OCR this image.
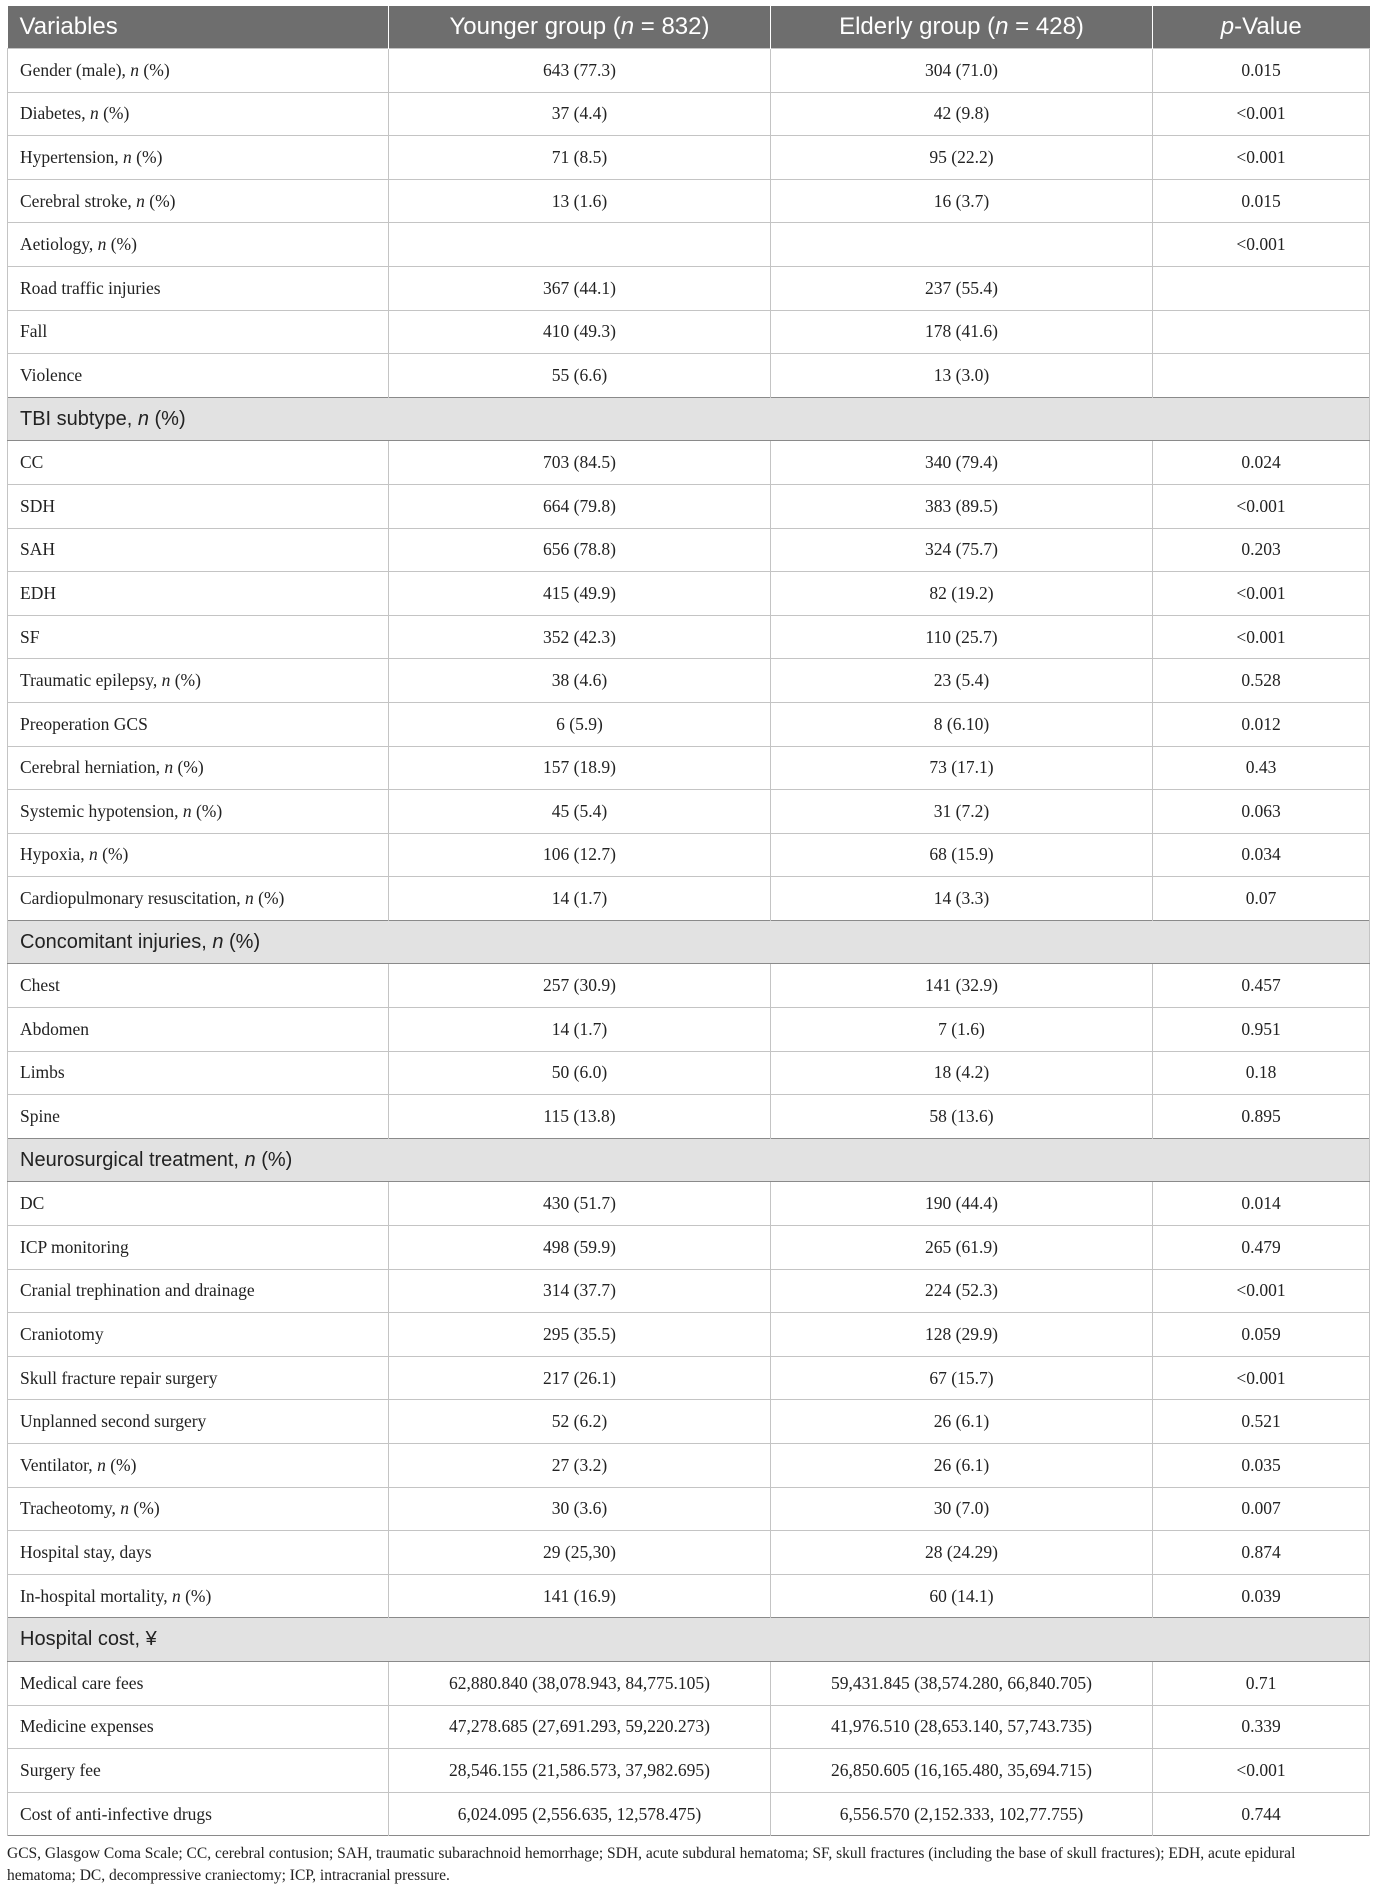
Variables	Younger group (n = 832)	Elderly group (n = 428)	p-Value
Gender (male), n (%)	643 (77.3)	304 (71.0)	0.015
Diabetes, n (%)	37 (4.4)	42 (9.8)	<0.001
Hypertension, n (%)	71 (8.5)	95 (22.2)	<0.001
Cerebral stroke, n (%)	13 (1.6)	16 (3.7)	0.015
Aetiology, n (%)			<0.001
Road traffic injuries	367 (44.1)	237 (55.4)	
Fall	410 (49.3)	178 (41.6)	
Violence	55 (6.6)	13 (3.0)	
TBI subtype, n (%)			
CC	703 (84.5)	340 (79.4)	0.024
SDH	664 (79.8)	383 (89.5)	<0.001
SAH	656 (78.8)	324 (75.7)	0.203
EDH	415 (49.9)	82 (19.2)	<0.001
SF	352 (42.3)	110 (25.7)	<0.001
Traumatic epilepsy, n (%)	38 (4.6)	23 (5.4)	0.528
Preoperation GCS	6 (5.9)	8 (6.10)	0.012
Cerebral herniation, n (%)	157 (18.9)	73 (17.1)	0.43
Systemic hypotension, n (%)	45 (5.4)	31 (7.2)	0.063
Hypoxia, n (%)	106 (12.7)	68 (15.9)	0.034
Cardiopulmonary resuscitation, n (%)	14 (1.7)	14 (3.3)	0.07
Concomitant injuries, n (%)			
Chest	257 (30.9)	141 (32.9)	0.457
Abdomen	14 (1.7)	7 (1.6)	0.951
Limbs	50 (6.0)	18 (4.2)	0.18
Spine	115 (13.8)	58 (13.6)	0.895
Neurosurgical treatment, n (%)			
DC	430 (51.7)	190 (44.4)	0.014
ICP monitoring	498 (59.9)	265 (61.9)	0.479
Cranial trephination and drainage	314 (37.7)	224 (52.3)	<0.001
Craniotomy	295 (35.5)	128 (29.9)	0.059
Skull fracture repair surgery	217 (26.1)	67 (15.7)	<0.001
Unplanned second surgery	52 (6.2)	26 (6.1)	0.521
Ventilator, n (%)	27 (3.2)	26 (6.1)	0.035
Tracheotomy, n (%)	30 (3.6)	30 (7.0)	0.007
Hospital stay, days	29 (25,30)	28 (24.29)	0.874
In-hospital mortality, n (%)	141 (16.9)	60 (14.1)	0.039
Hospital cost, ¥			
Medical care fees	62,880.840 (38,078.943, 84,775.105)	59,431.845 (38,574.280, 66,840.705)	0.71
Medicine expenses	47,278.685 (27,691.293, 59,220.273)	41,976.510 (28,653.140, 57,743.735)	0.339
Surgery fee	28,546.155 (21,586.573, 37,982.695)	26,850.605 (16,165.480, 35,694.715)	<0.001
Cost of anti-infective drugs	6,024.095 (2,556.635, 12,578.475)	6,556.570 (2,152.333, 102,77.755)	0.744
GCS, Glasgow Coma Scale; CC, cerebral contusion; SAH, traumatic subarachnoid hemorrhage; SDH, acute subdural hematoma; SF, skull fractures (including the base of skull fractures); EDH, acute epidural hematoma; DC, decompressive craniectomy; ICP, intracranial pressure.
